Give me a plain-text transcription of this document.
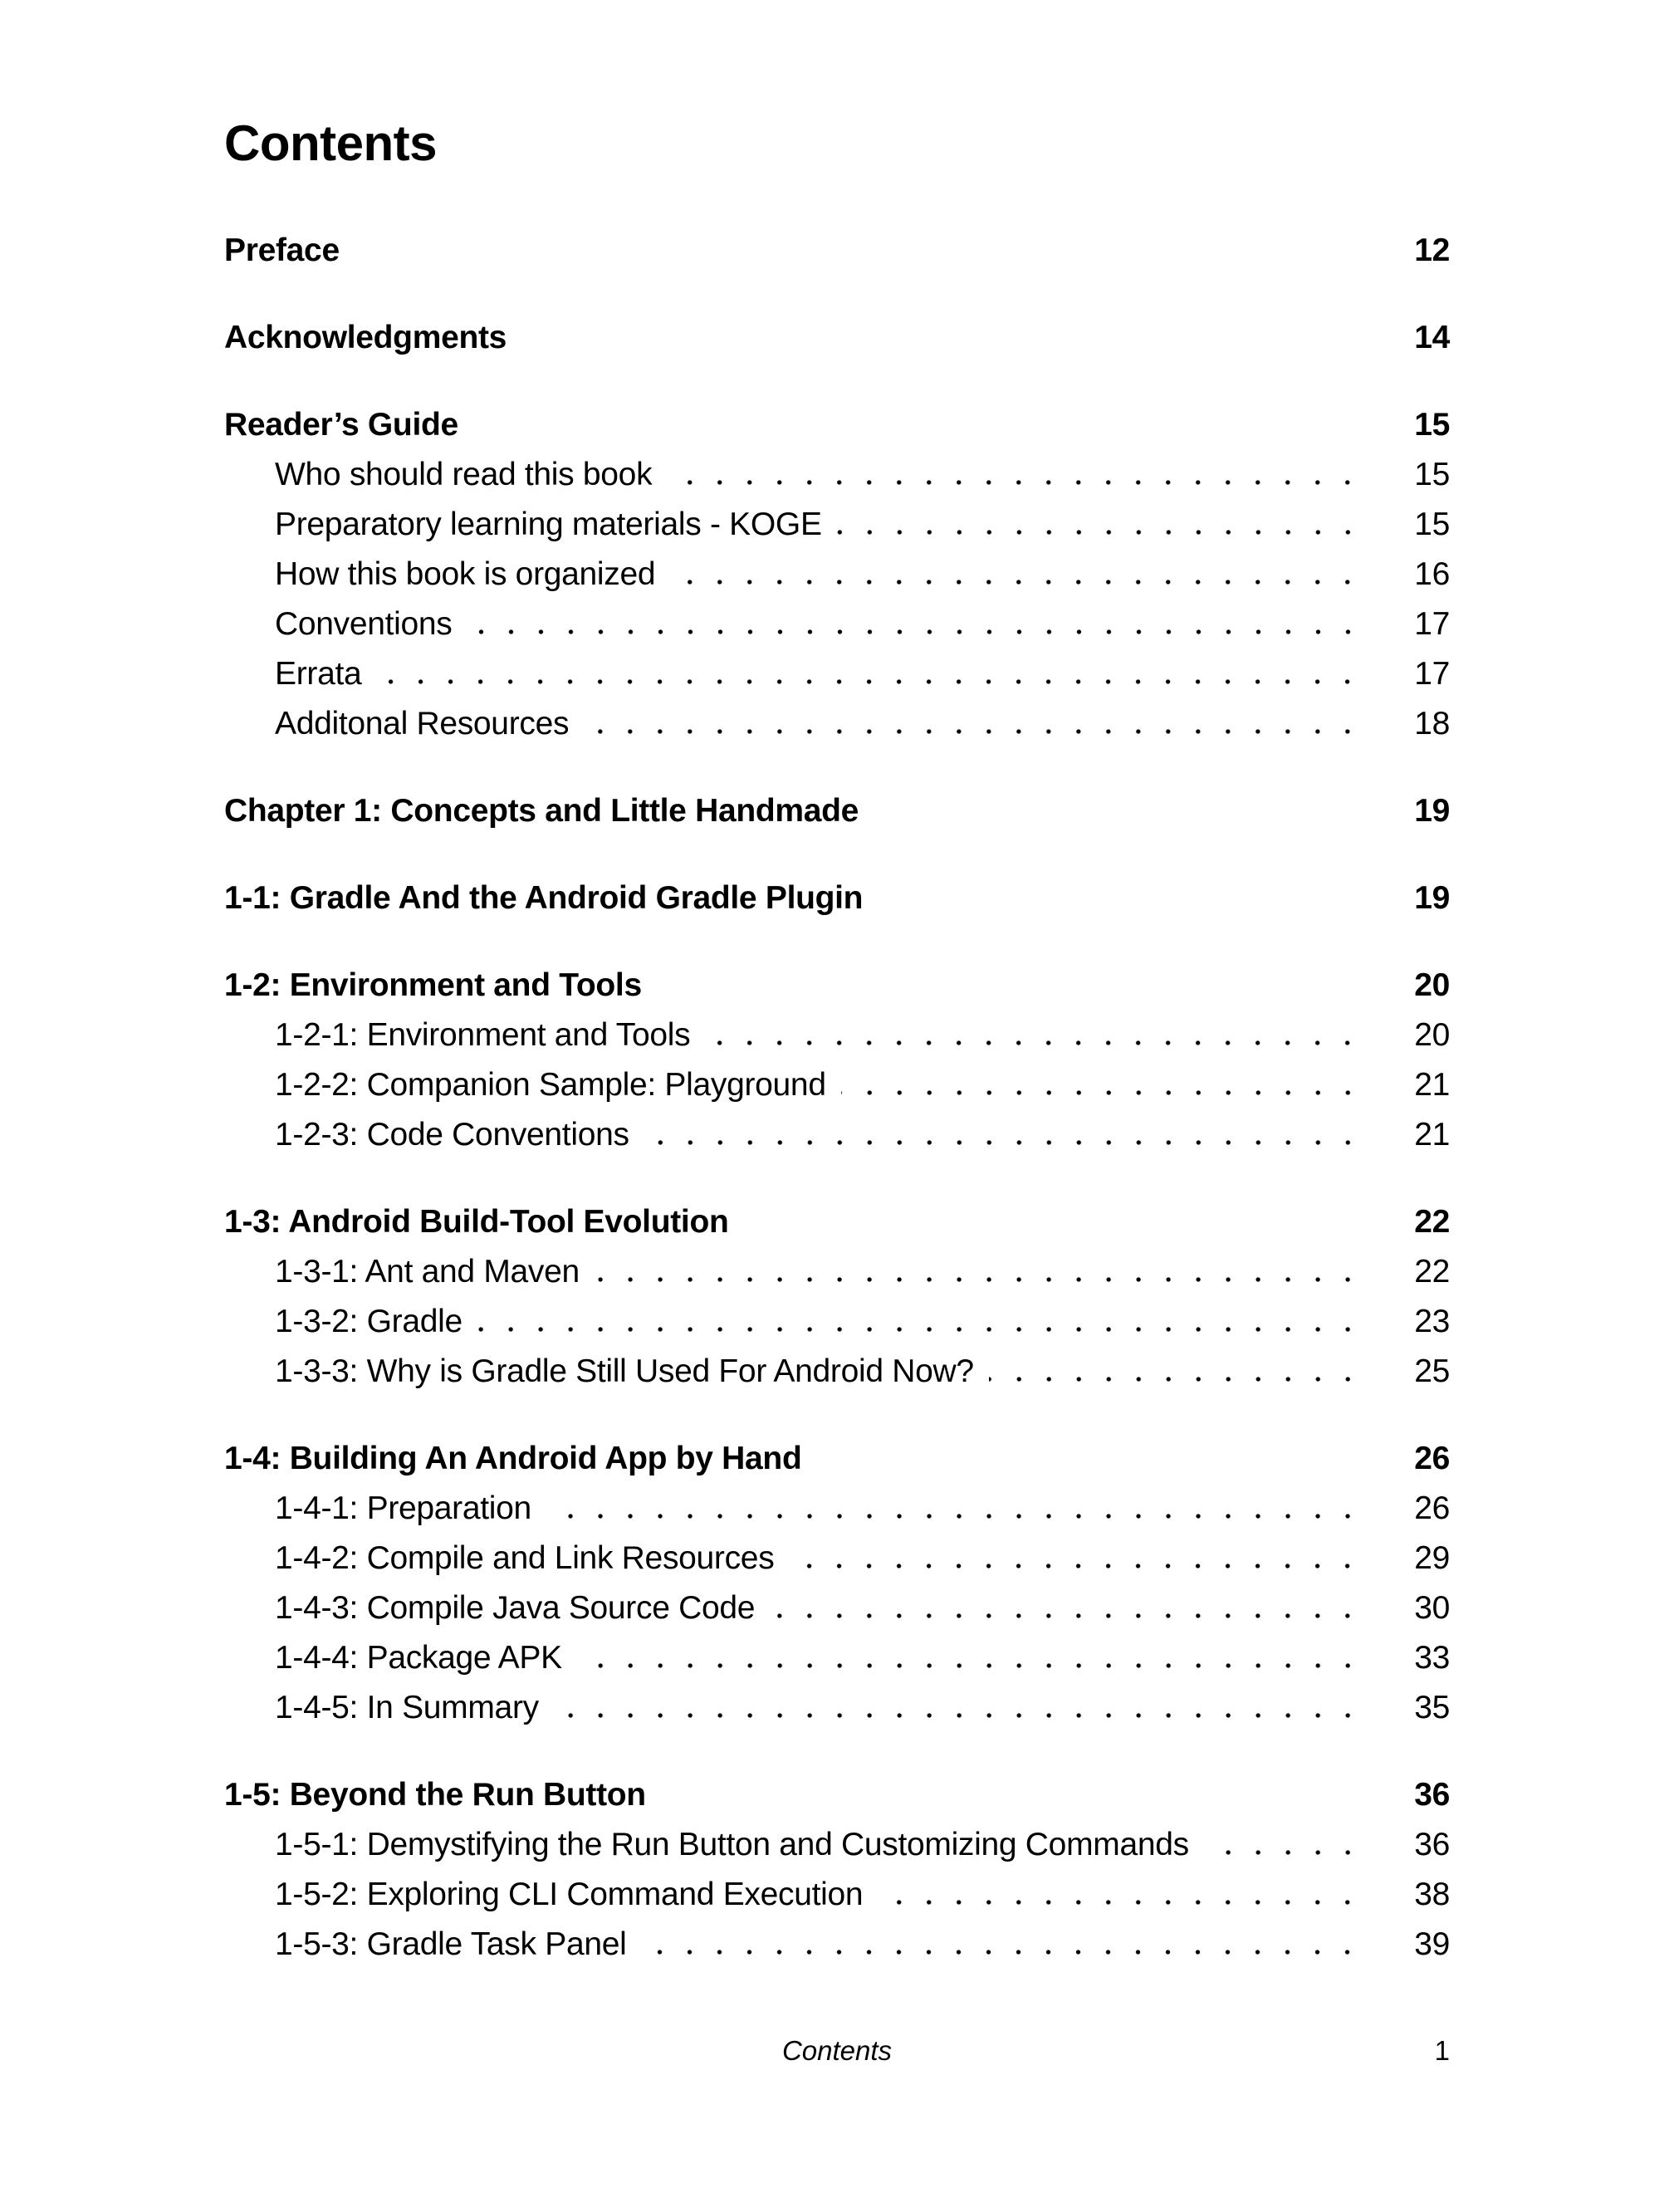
Contents
Preface	12
Acknowledgments	14
Reader’s Guide	15
Who should read this book	15
Preparatory learning materials - KOGE	15
How this book is organized	16
Conventions	17
Errata	17
Additonal Resources	18
Chapter 1: Concepts and Little Handmade	19
1-1: Gradle And the Android Gradle Plugin	19
1-2: Environment and Tools	20
1-2-1: Environment and Tools	20
1-2-2: Companion Sample: Playground	21
1-2-3: Code Conventions	21
1-3: Android Build-Tool Evolution	22
1-3-1: Ant and Maven	22
1-3-2: Gradle	23
1-3-3: Why is Gradle Still Used For Android Now?	25
1-4: Building An Android App by Hand	26
1-4-1: Preparation	26
1-4-2: Compile and Link Resources	29
1-4-3: Compile Java Source Code	30
1-4-4: Package APK	33
1-4-5: In Summary	35
1-5: Beyond the Run Button	36
1-5-1: Demystifying the Run Button and Customizing Commands	36
1-5-2: Exploring CLI Command Execution	38
1-5-3: Gradle Task Panel	39
Contents	1
